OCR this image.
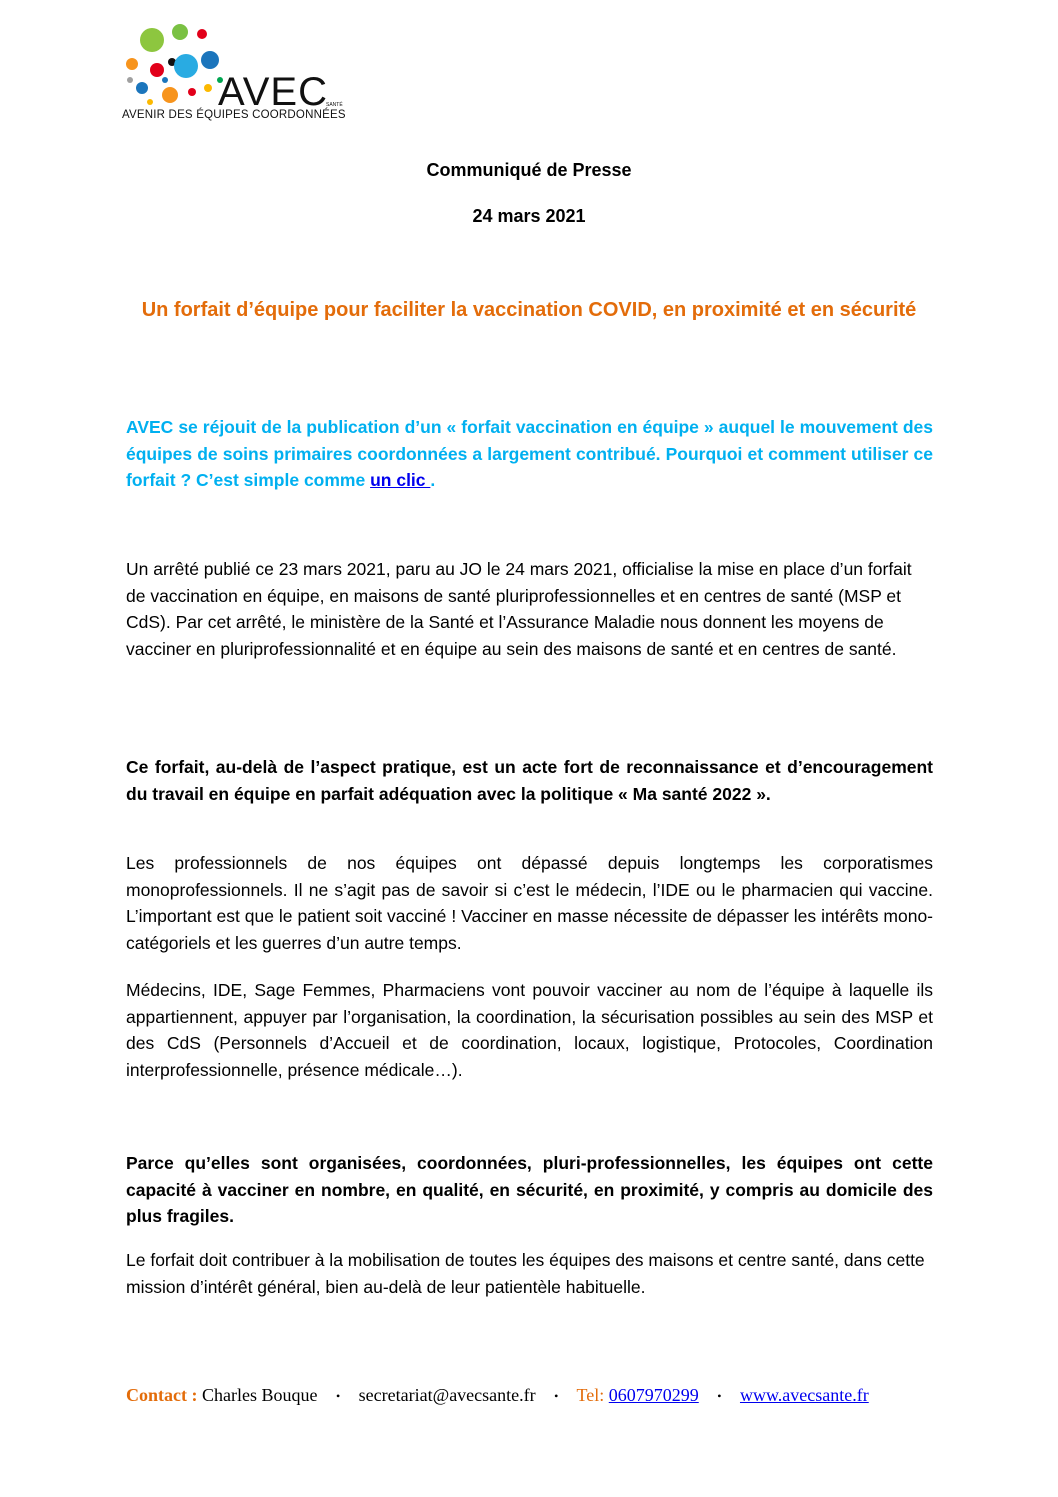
AVEC
SANTÉ
AVENIR DES ÉQUIPES COORDONNÉES
Communiqué de Presse
24 mars 2021
Un forfait d’équipe pour faciliter la vaccination COVID, en proximité et en sécurité
AVEC se réjouit de la publication d’un « forfait vaccination en équipe » auquel le mouvement des équipes de soins primaires coordonnées a largement contribué. Pourquoi et comment utiliser ce forfait ? C’est simple comme un clic .
Un arrêté publié ce 23 mars 2021, paru au JO le 24 mars 2021, officialise la mise en place d’un forfait de vaccination en équipe, en maisons de santé pluriprofessionnelles et en centres de santé (MSP et CdS). Par cet arrêté, le ministère de la Santé et l’Assurance Maladie nous donnent les moyens de vacciner en pluriprofessionnalité et en équipe au sein des maisons de santé et en centres de santé.
Ce forfait, au-delà de l’aspect pratique, est un acte fort de reconnaissance et d’encouragement du travail en équipe en parfait adéquation avec la politique « Ma santé 2022 ».
Les professionnels de nos équipes ont dépassé depuis longtemps les corporatismes monoprofessionnels. Il ne s’agit pas de savoir si c’est le médecin, l’IDE ou le pharmacien qui vaccine. L’important est que le patient soit vacciné ! Vacciner en masse nécessite de dépasser les intérêts mono-catégoriels et les guerres d’un autre temps.
Médecins, IDE, Sage Femmes, Pharmaciens vont pouvoir vacciner au nom de l’équipe à laquelle ils appartiennent, appuyer par l’organisation, la coordination, la sécurisation possibles au sein des MSP et des CdS (Personnels d’Accueil et de coordination, locaux, logistique, Protocoles, Coordination interprofessionnelle, présence médicale…).
Parce qu’elles sont organisées, coordonnées, pluri-professionnelles, les équipes ont cette capacité à vacciner en nombre, en qualité, en sécurité, en proximité, y compris au domicile des plus fragiles.
Le forfait doit contribuer à la mobilisation de toutes les équipes des maisons et centre santé, dans cette mission d’intérêt général, bien au-delà de leur patientèle habituelle.
Contact : Charles Bouque • secretariat@avecsante.fr • Tel: 0607970299 • www.avecsante.fr
